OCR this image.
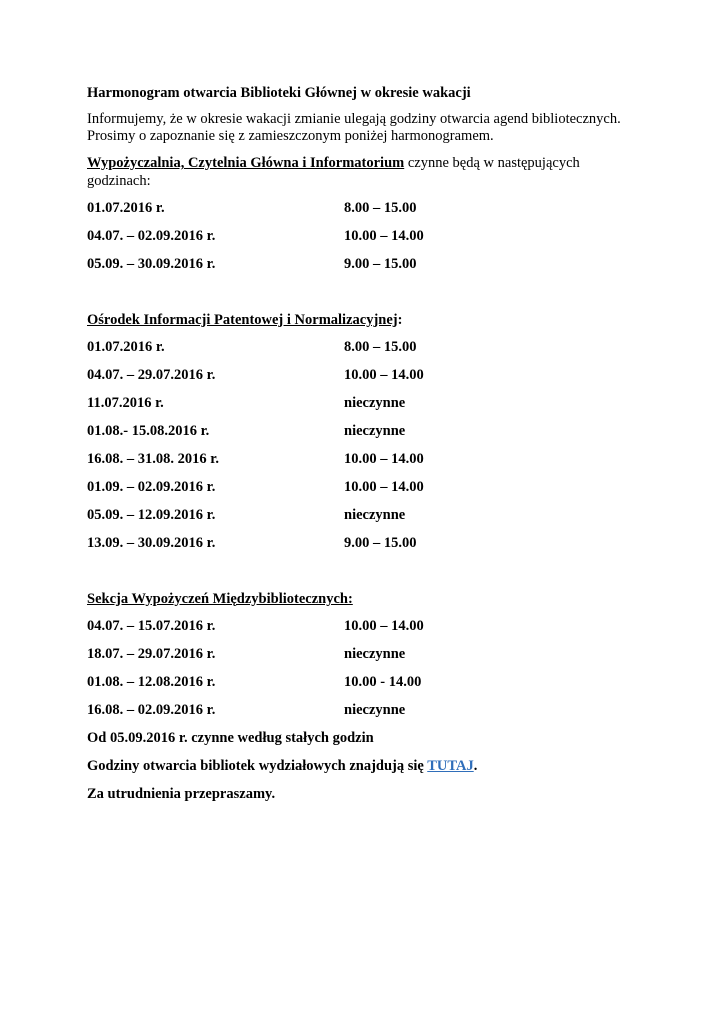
Harmonogram otwarcia Biblioteki Głównej w okresie wakacji

Informujemy, że w okresie wakacji zmianie ulegają godziny otwarcia agend bibliotecznych.
Prosimy o zapoznanie się z zamieszczonym poniżej harmonogramem.
Wypożyczalnia, Czytelnia Główna i Informatorium czynne będą w następujących
godzinach:
01.07.2016 r.	8.00 – 15.00
04.07. – 02.09.2016 r.	10.00 – 14.00
05.09. – 30.09.2016 r.	9.00 – 15.00
Ośrodek Informacji Patentowej i Normalizacyjnej:
01.07.2016 r.	8.00 – 15.00
04.07. – 29.07.2016 r.	10.00 – 14.00
11.07.2016 r.	nieczynne
01.08.- 15.08.2016 r.	nieczynne
16.08. – 31.08. 2016 r.	10.00 – 14.00
01.09. – 02.09.2016 r.	10.00 – 14.00
05.09. – 12.09.2016 r.	nieczynne
13.09. – 30.09.2016 r.	9.00 – 15.00
Sekcja Wypożyczeń Międzybibliotecznych:
04.07. – 15.07.2016 r.	10.00 – 14.00
18.07. – 29.07.2016 r.	nieczynne
01.08. – 12.08.2016 r.	10.00 - 14.00
16.08. – 02.09.2016 r.	nieczynne
Od 05.09.2016 r. czynne według stałych godzin
Godziny otwarcia bibliotek wydziałowych znajdują się TUTAJ.
Za utrudnienia przepraszamy.
